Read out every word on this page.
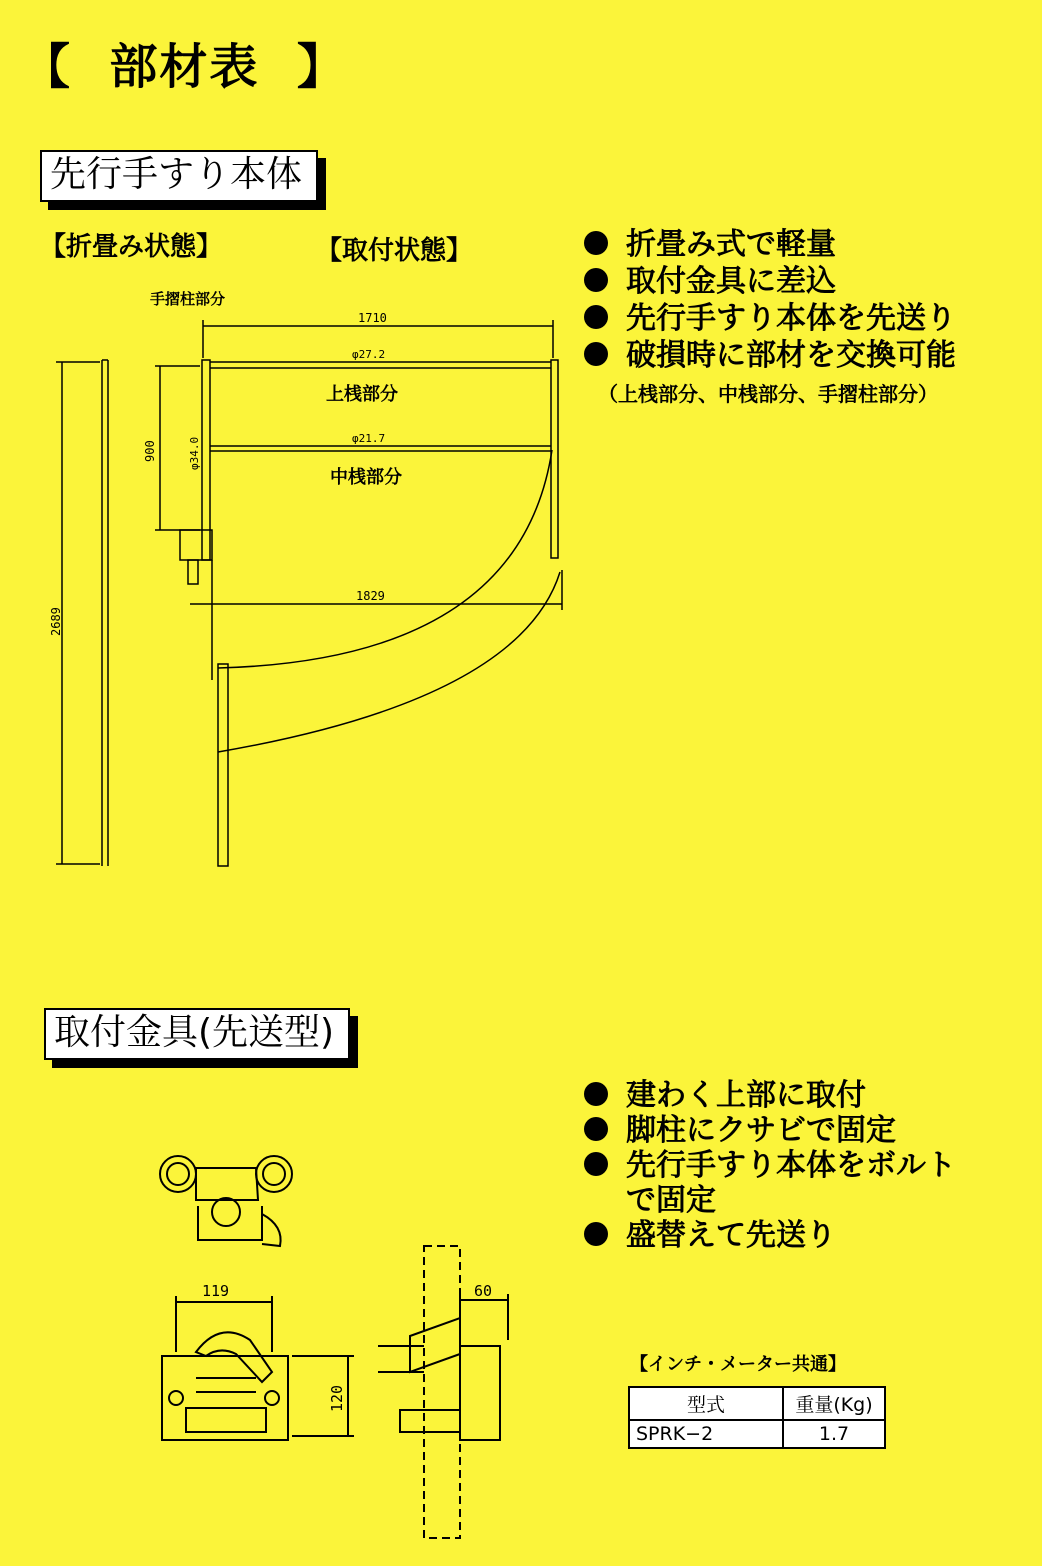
【  部材表  】
先行手すり本体
【折畳み状態】	【取付状態】	折畳み式で軽量
取付金具に差込
先行手すり本体を先送り
破損時に部材を交換可能
（上桟部分、中桟部分、手摺柱部分）
1710
φ27.2
φ21.7
1829
900	φ34.0
2689
手摺柱部分
上桟部分
中桟部分
取付金具(先送型)
建わく上部に取付
脚柱にクサビで固定
先行手すり本体をボルト
で固定
盛替えて先送り
119
120
60
【インチ・メーター共通】
型式	重量(Kg)
SPRK−2	1.7
